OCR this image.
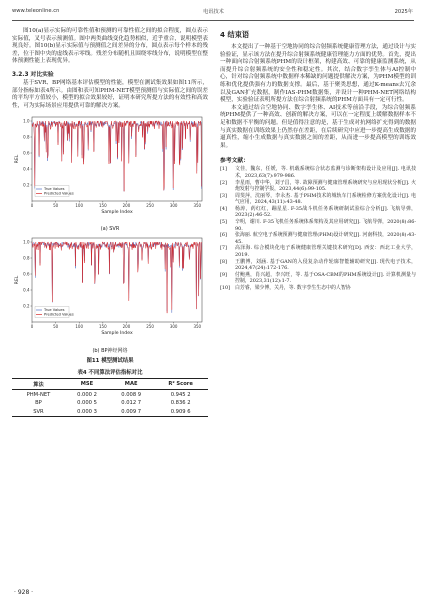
www.teleonline.cn	电讯技术	2025年

图10(a)显示实际的可靠性值和预测的可靠性值之间的拟合程度，圆点表示实际值，叉号表示预测值。图中两类曲线变化趋势相似，近乎重合，说明模型表现良好。图10(b)显示实际值与预测值之间差异的分布，圆点表示每个样本的残差，位于图中央的虚线表示零线。残差分布随机且围绕零线分布，说明模型在整体预测性能上表现优异。

3.2.3 对比实验

基于SVR、BP网络基本评估模型的性能，模型在测试集效果如图11所示，部分指标如表4所示。由图和表可知PHM-NET模型预测值与实际值之间的误差的平均平方值较小，模型的拟合效果较好，证明本研究所提方法的有效性和高效性，可为实际场景应用提供可靠的解决方案。

0	50	100	150	200	250	300	350
0.2
0.4
0.6
0.8
1.0
Sample Index
REL
True Values
Predicted Values
(a) SVR
0	50	100	150	200	250	300	350
0.2
0.4
0.6
0.8
1.0
Sample Index
REL
True Values
Predicted Values
(b) BP神经网络
图11 模型测试结果
表4 不同算法评估指标对比
算法	MSE	MAE	R² Score
PHM-NET	0.000 2	0.008 9	0.945 2
BP	0.000 5	0.012 7	0.836 2
SVR	0.000 3	0.009 7	0.909 6
4 结束语

本文提出了一种基于空地协同的综合射频系统健康管理方法，通过设计与实验验证，显示该方法在提升综合射频系统健康管理能力方面的优势。首先，提出一种面向综合射频系统PHM的设计框架，构建高效、可靠的健康监测系统，从而提升综合射频系统的安全性和稳定性。其次，结合数字孪生体与AI控制中心，针对综合射频系统中数据样本稀缺的问题提供解决方案，为PHM模型的训练和优化提供强有力的数据支撑。最后，基于聚类思想，通过K-means去冗余以及GAN扩充数据，制作IAS-PHM数据集，并设计一种PHM-NET网络结构模型，实验验证表明所提方法在综合射频系统的PHM方面具有一定可行性。

本文通过结合空地协同、数字孪生体、AI技术等前沿手段，为综合射频系统PHM提供了一种高效、创新的解决方案，可以在一定程度上缓解数据样本不足和数据不平衡的问题。但是值得注意的是，基于生成对抗网络扩充得到的数据与真实数据在训练效果上仍然存在差距，在后续研究中应进一步提高生成数据的逼真性，缩小生成数据与真实数据之间的差距，从而进一步提高模型的训练效果。

参考文献：
[1] 文佳，魏东，任媛，等. 机载系统综合状态监测与诊断架构设计及应用[J]. 电讯技术，2023,63(7):979-986.
[2] 李星雨，曹中华，刘子昌，等. 故障预测与健康管理系统研究与应用现状分析[J]. 火炮发射与控制学报，2023,44(6):99-105.
[3] 周斐萍，沈丽琴，李永杰. 基于PHM技术的城轨车门系统检修方案优化设计[J]. 电气应用，2024,43(11):43-48.
[4] 杨涛，药红红，蹦星星. F-35战斗机任务系统研制试验综合分析[J]. 飞航导弹，2023(2):46-52.
[5] 辛明，谢川. F-35飞机任务系统体系架构及其应用研究[J]. 飞航导弹，2020(8):86-90.
[6] 张海丽. 航空电子系统预测与健康管理(PHM)设计研究[J]. 河南科技，2020(8):43-45.
[7] 高泽海. 综合模块化电子系统健康管理关键技术研究[D]. 西安：西北工业大学，2019.
[8] 王鹏博，刘涵. 基于GAN的入侵复杂动作轮廓智能辅助研究[J]. 现代电子技术，2024,47(24):172-176.
[9] 付鲍燕，肖兴超，李兴旺，等. 基于OSA-CBM的PHM系统设计[J]. 计算机测量与控制，2023,31(12):1-7.
[10] 白芳睿，梁少博，关丹，等. 数字孪生生态中的人智协
· 928 ·
